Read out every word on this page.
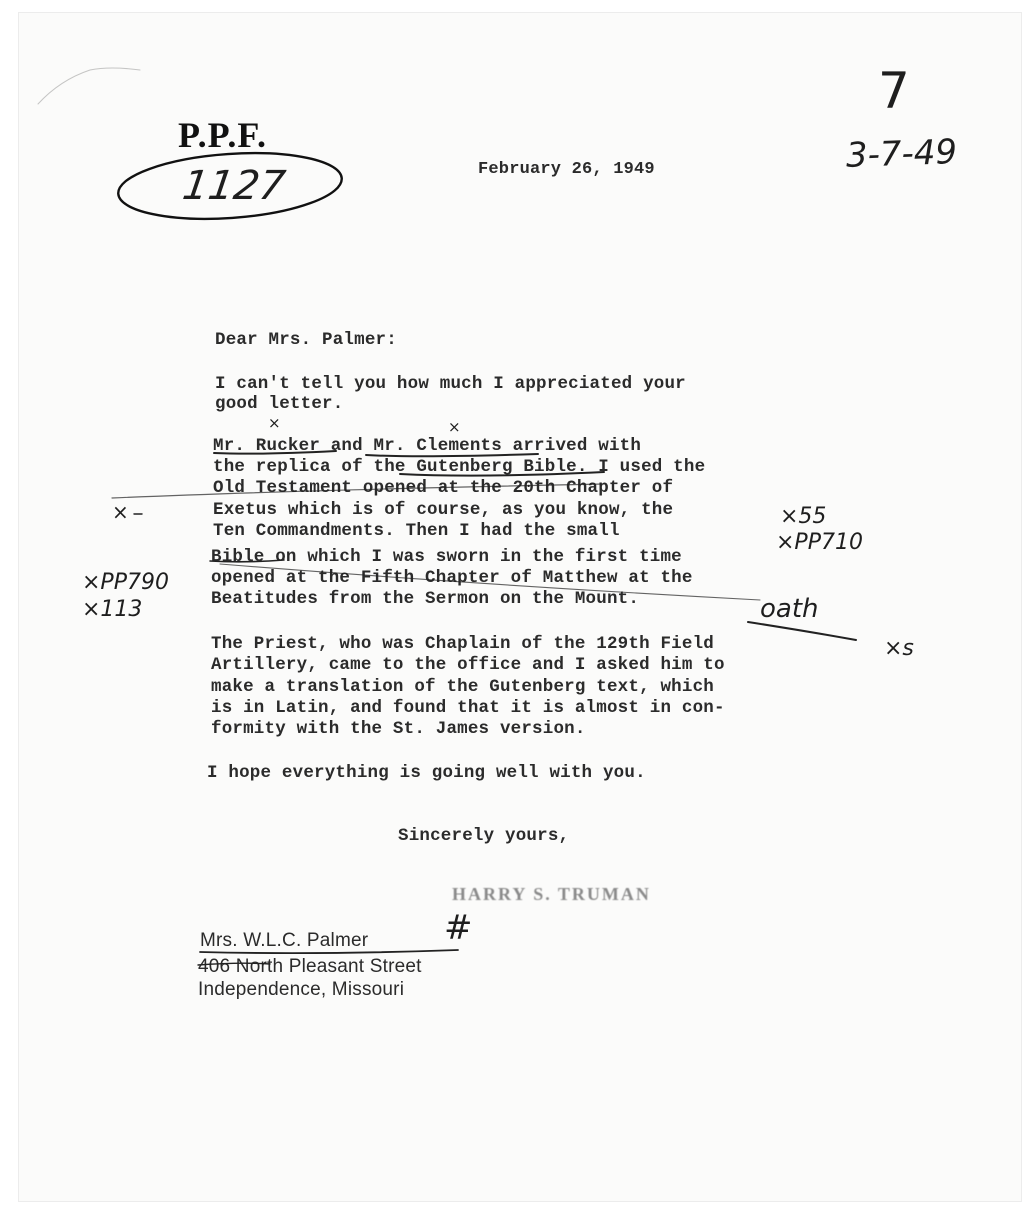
P.P.F.
1127	February 26, 1949
7
3-7-49
Dear Mrs. Palmer:
I can't tell you how much I appreciated your
good letter.
Mr. Rucker and Mr. Clements arrived with
the replica of the Gutenberg Bible. I used the
Old Testament opened at the 20th Chapter of
Exetus which is of course, as you know, the
Ten Commandments. Then I had the small
Bible on which I was sworn in the first time
opened at the Fifth Chapter of Matthew at the
Beatitudes from the Sermon on the Mount.
The Priest, who was Chaplain of the 129th Field
Artillery, came to the office and I asked him to
make a translation of the Gutenberg text, which
is in Latin, and found that it is almost in con-
formity with the St. James version.
I hope everything is going well with you.
Sincerely yours,
HARRY S. TRUMAN
Mrs. W.L.C. Palmer
406 North Pleasant Street
Independence, Missouri
#
×
×PP790
×113
×55
×PP710
oath
×s
×	×
